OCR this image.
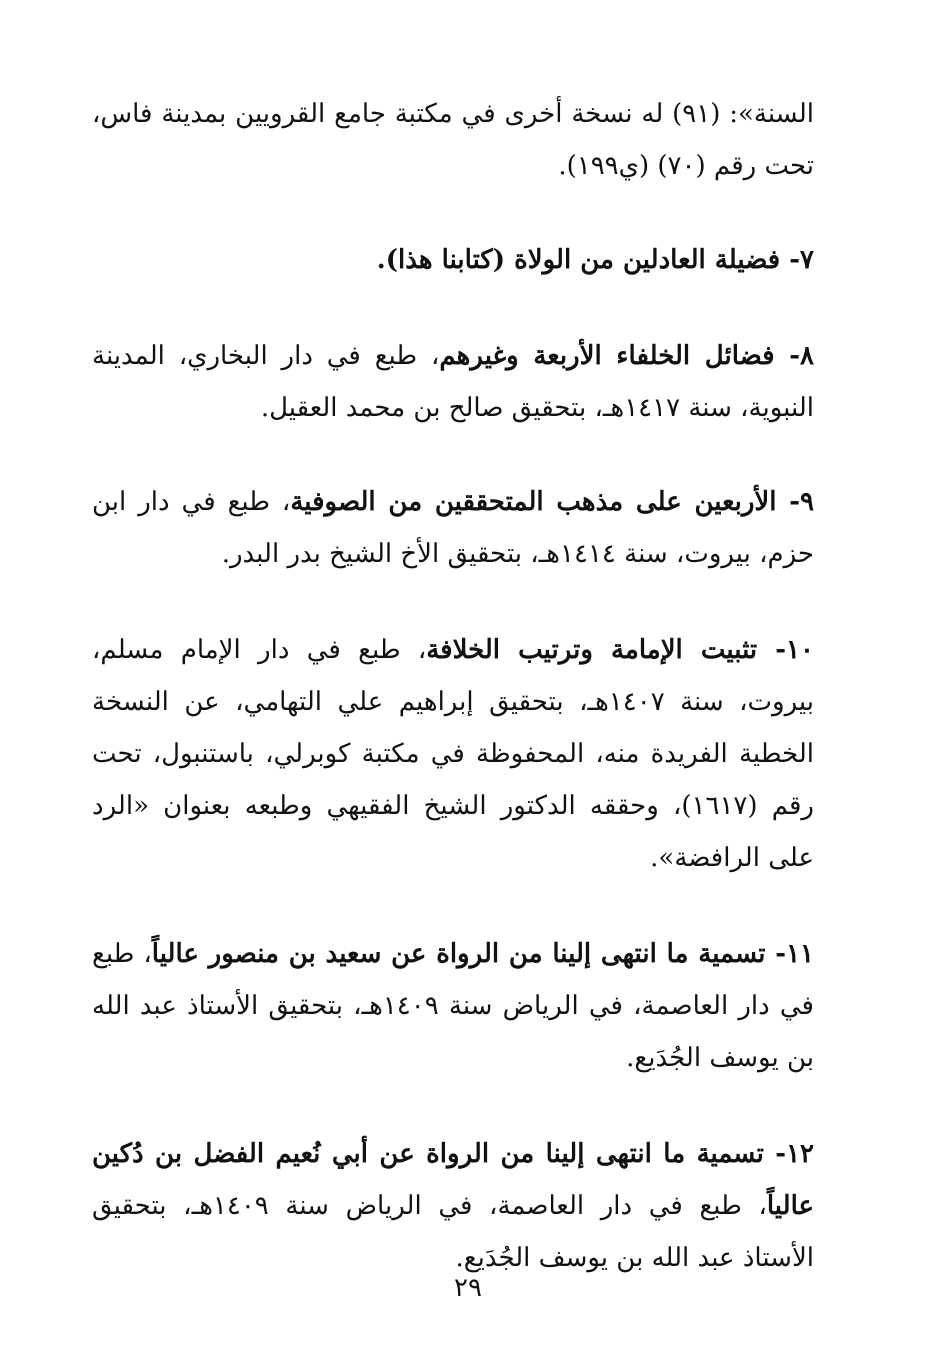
السنة»: (٩١) له نسخة أخرى في مكتبة جامع القرويين بمدينة فاس، تحت رقم (٧٠) (ي١٩٩).

٧- فضيلة العادلين من الولاة (كتابنا هذا).

٨- فضائل الخلفاء الأربعة وغيرهم، طبع في دار البخاري، المدينة النبوية، سنة ١٤١٧هـ، بتحقيق صالح بن محمد العقيل.

٩- الأربعين على مذهب المتحققين من الصوفية، طبع في دار ابن حزم، بيروت، سنة ١٤١٤هـ، بتحقيق الأخ الشيخ بدر البدر.

١٠- تثبيت الإمامة وترتيب الخلافة، طبع في دار الإمام مسلم، بيروت، سنة ١٤٠٧هـ، بتحقيق إبراهيم علي التهامي، عن النسخة الخطية الفريدة منه، المحفوظة في مكتبة كوبرلي، باستنبول، تحت رقم (١٦١٧)، وحققه الدكتور الشيخ الفقيهي وطبعه بعنوان «الرد على الرافضة».

١١- تسمية ما انتهى إلينا من الرواة عن سعيد بن منصور عالياً، طبع في دار العاصمة، في الرياض سنة ١٤٠٩هـ، بتحقيق الأستاذ عبد الله بن يوسف الجُدَيع.

١٢- تسمية ما انتهى إلينا من الرواة عن أبي نُعيم الفضل بن دُكين عالياً، طبع في دار العاصمة، في الرياض سنة ١٤٠٩هـ، بتحقيق الأستاذ عبد الله بن يوسف الجُدَيع.

٢٩
